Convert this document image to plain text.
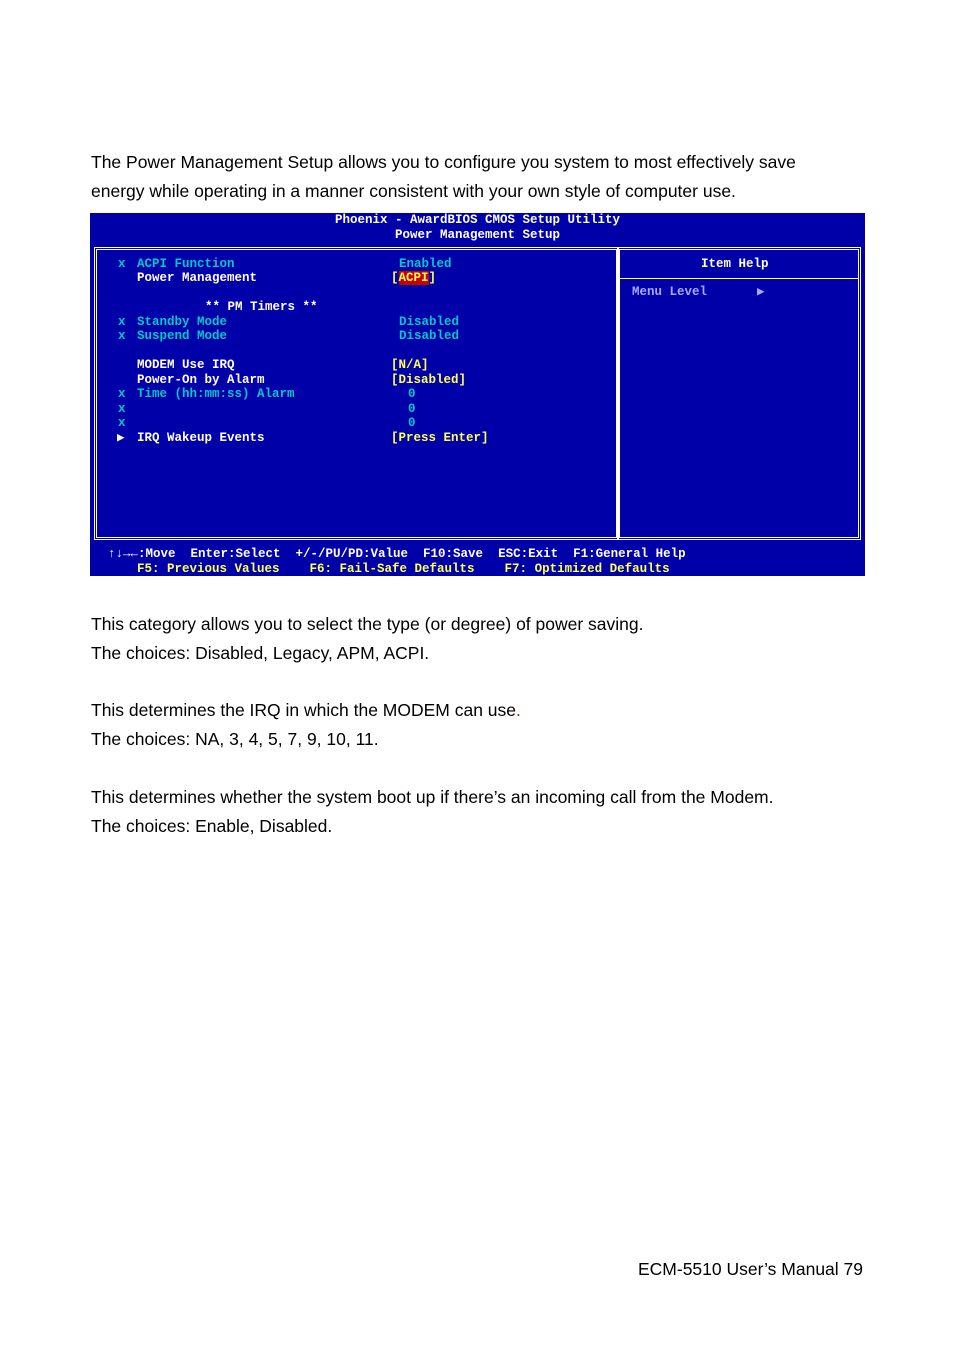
The Power Management Setup allows you to configure you system to most effectively save

energy while operating in a manner consistent with your own style of computer use.

Phoenix - AwardBIOS CMOS Setup Utility
Power Management Setup
x ACPI Function	Enabled
Power Management	[ACPI]
** PM Timers **
x Standby Mode	Disabled
x Suspend Mode	Disabled
MODEM Use IRQ	[N/A]
Power-On by Alarm	[Disabled]
x Time (hh:mm:ss) Alarm	0
x	0
x	0
▶ IRQ Wakeup Events	[Press Enter]
Item Help
Menu Level	▶
↑↓→←:Move  Enter:Select  +/-/PU/PD:Value  F10:Save  ESC:Exit  F1:General Help
F5: Previous Values    F6: Fail-Safe Defaults    F7: Optimized Defaults

This category allows you to select the type (or degree) of power saving.

The choices: Disabled, Legacy, APM, ACPI.

This determines the IRQ in which the MODEM can use.

The choices: NA, 3, 4, 5, 7, 9, 10, 11.

This determines whether the system boot up if there’s an incoming call from the Modem.

The choices: Enable, Disabled.

ECM-5510 User’s Manual 79
